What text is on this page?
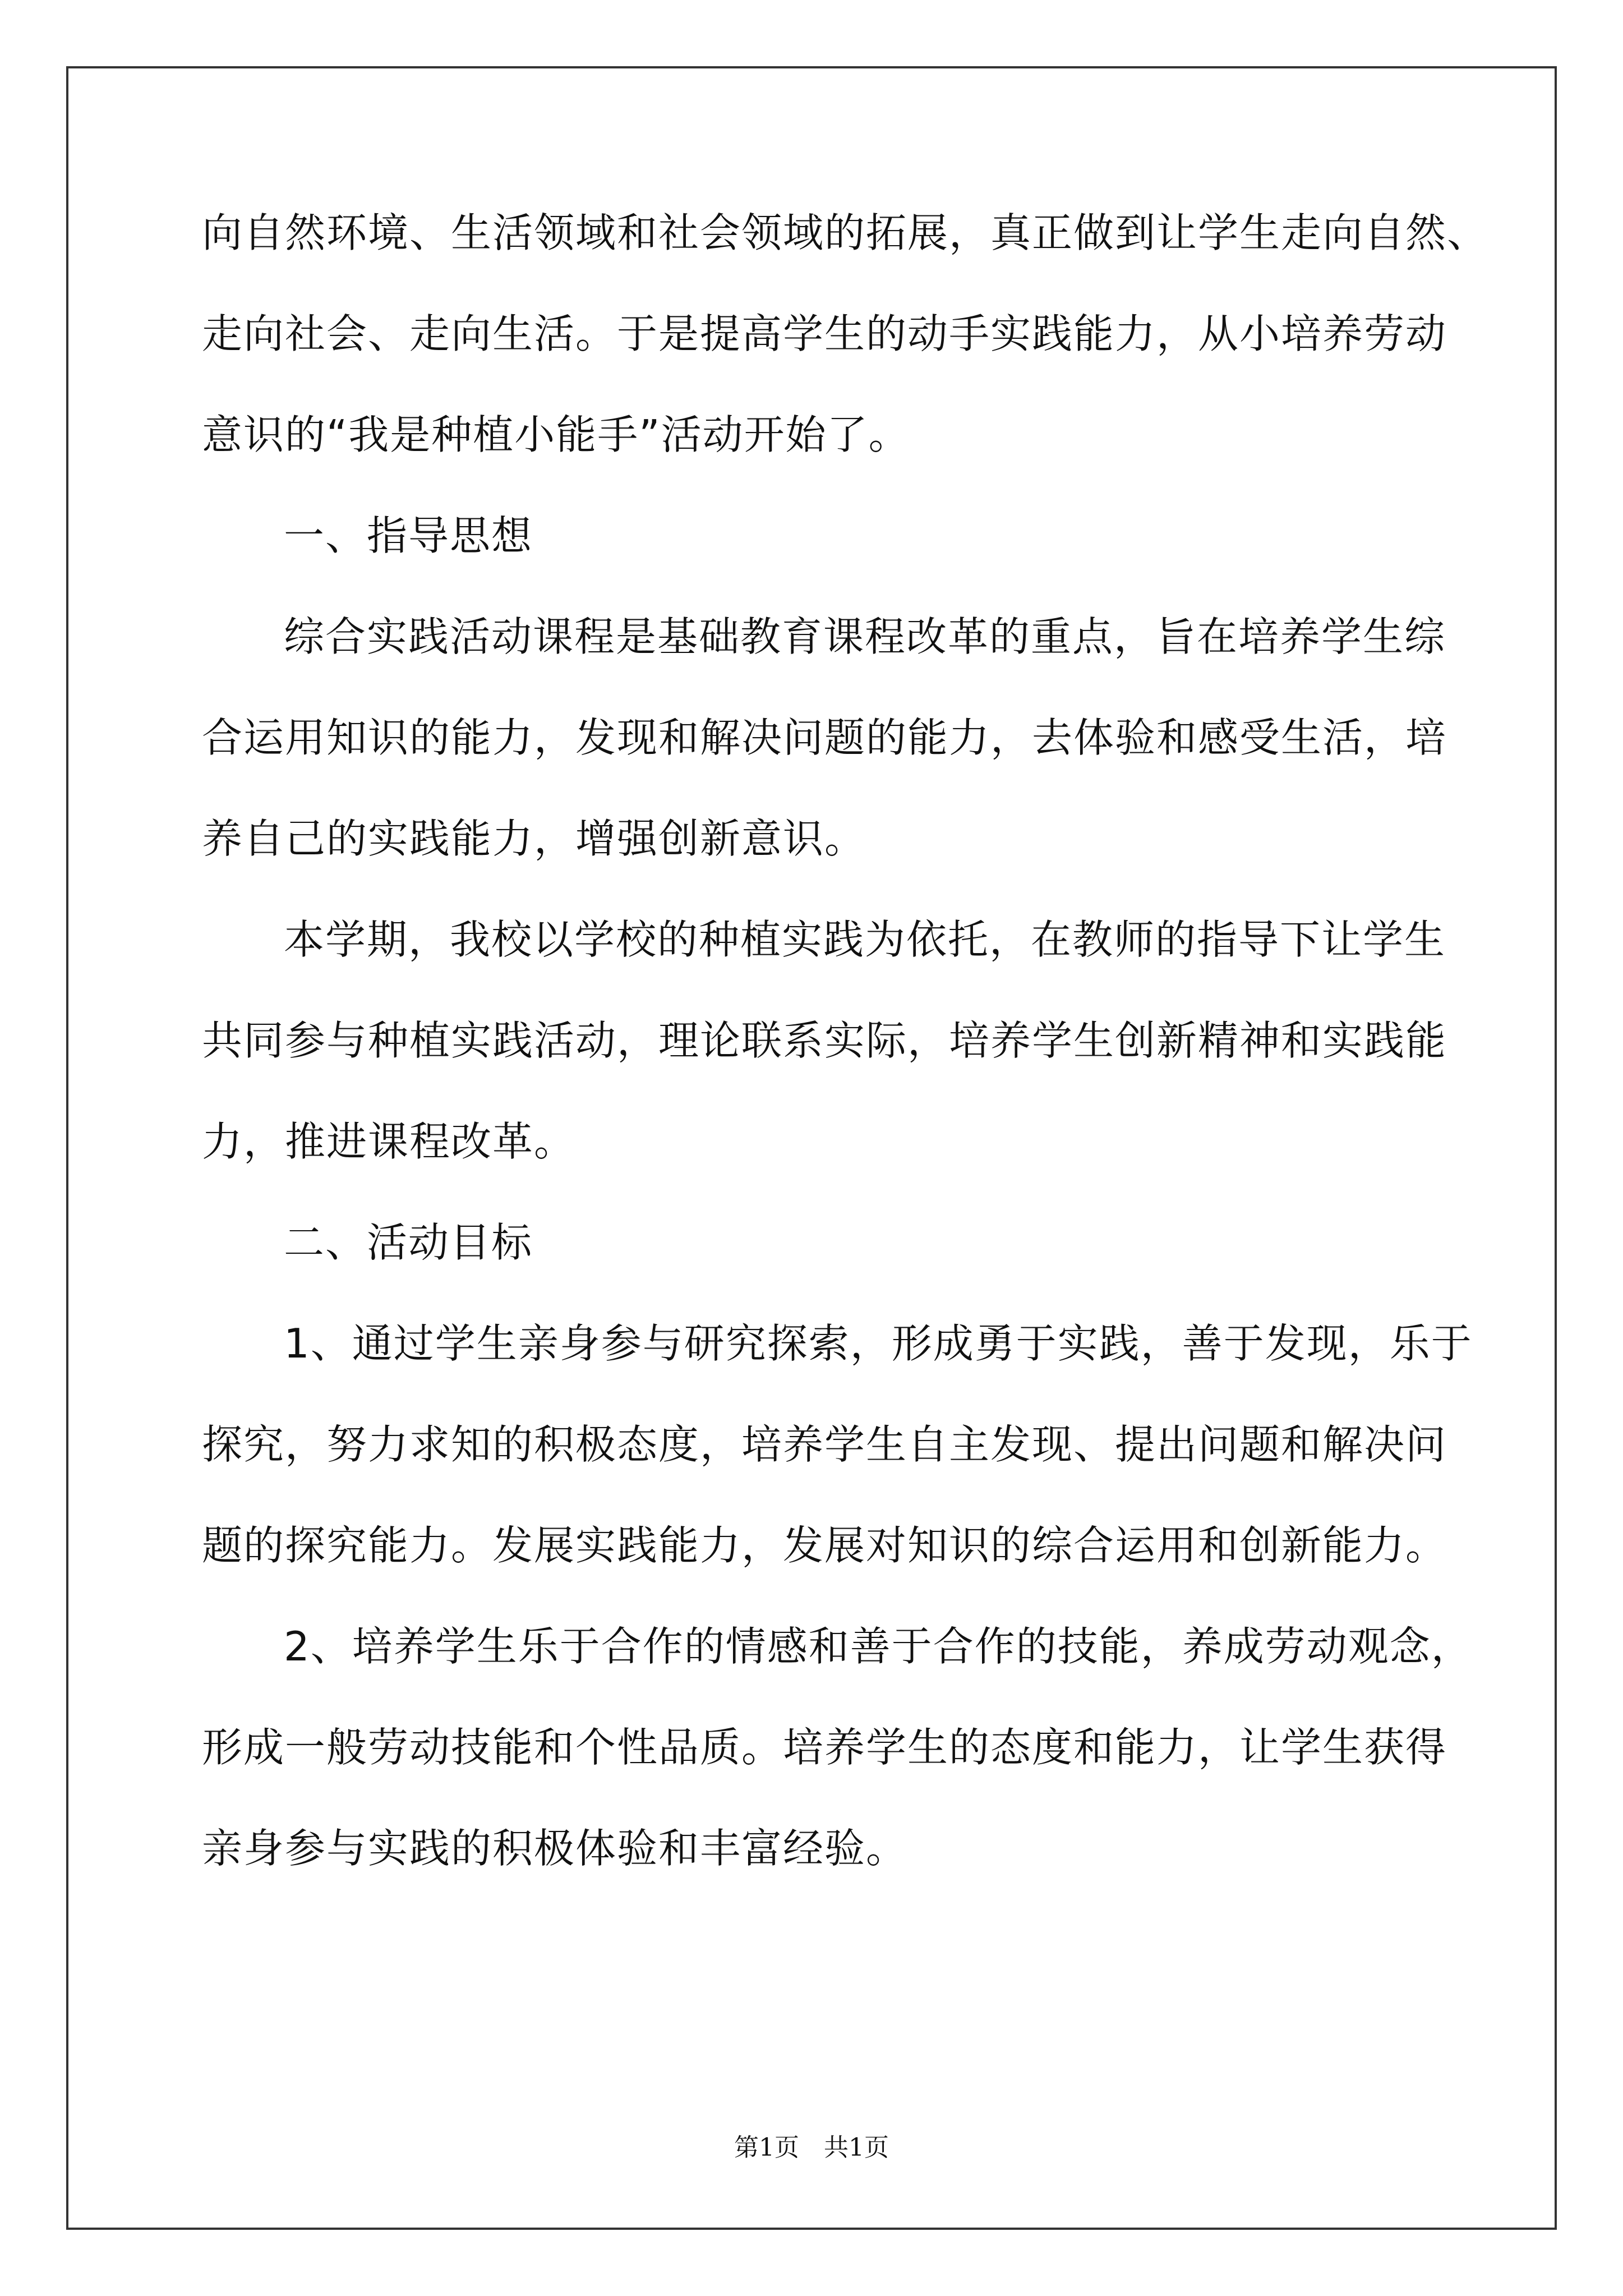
向自然环境、生活领域和社会领域的拓展，真正做到让学生走向自然、
走向社会、走向生活。于是提高学生的动手实践能力，从小培养劳动
意识的“我是种植小能手”活动开始了。
一、指导思想
综合实践活动课程是基础教育课程改革的重点，旨在培养学生综
合运用知识的能力，发现和解决问题的能力，去体验和感受生活，培
养自己的实践能力，增强创新意识。
本学期，我校以学校的种植实践为依托，在教师的指导下让学生
共同参与种植实践活动，理论联系实际，培养学生创新精神和实践能
力，推进课程改革。
二、活动目标
1、通过学生亲身参与研究探索，形成勇于实践，善于发现，乐于
探究，努力求知的积极态度，培养学生自主发现、提出问题和解决问
题的探究能力。发展实践能力，发展对知识的综合运用和创新能力。
2、培养学生乐于合作的情感和善于合作的技能，养成劳动观念，
形成一般劳动技能和个性品质。培养学生的态度和能力，让学生获得
亲身参与实践的积极体验和丰富经验。
第1页　共1页
